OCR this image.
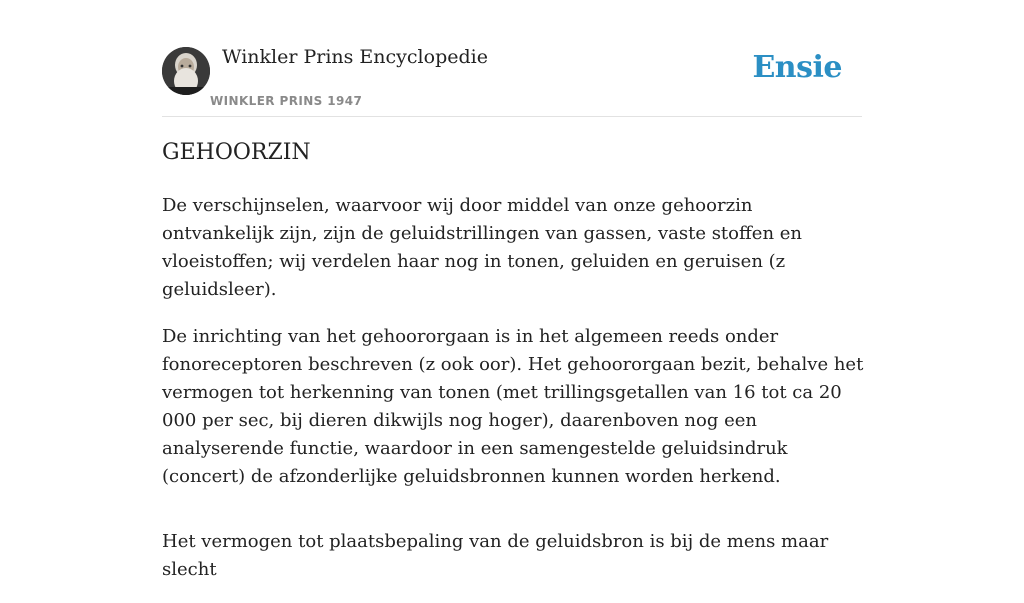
Winkler Prins Encyclopedie
WINKLER PRINS 1947
Ensie
GEHOORZIN

De verschijnselen, waarvoor wij door middel van onze gehoorzin ontvankelijk zijn, zijn de geluidstrillingen van gassen, vaste stoffen en vloeistoffen; wij verdelen haar nog in tonen, geluiden en geruisen (z geluidsleer).

De inrichting van het gehoororgaan is in het algemeen reeds onder fonoreceptoren beschreven (z ook oor). Het gehoororgaan bezit, behalve het vermogen tot herkenning van tonen (met trillingsgetallen van 16 tot ca 20 000 per sec, bij dieren dikwijls nog hoger), daarenboven nog een analyserende functie, waardoor in een samengestelde geluidsindruk (concert) de afzonderlijke geluidsbronnen kunnen worden herkend.

Het vermogen tot plaatsbepaling van de geluidsbron is bij de mens maar slecht
